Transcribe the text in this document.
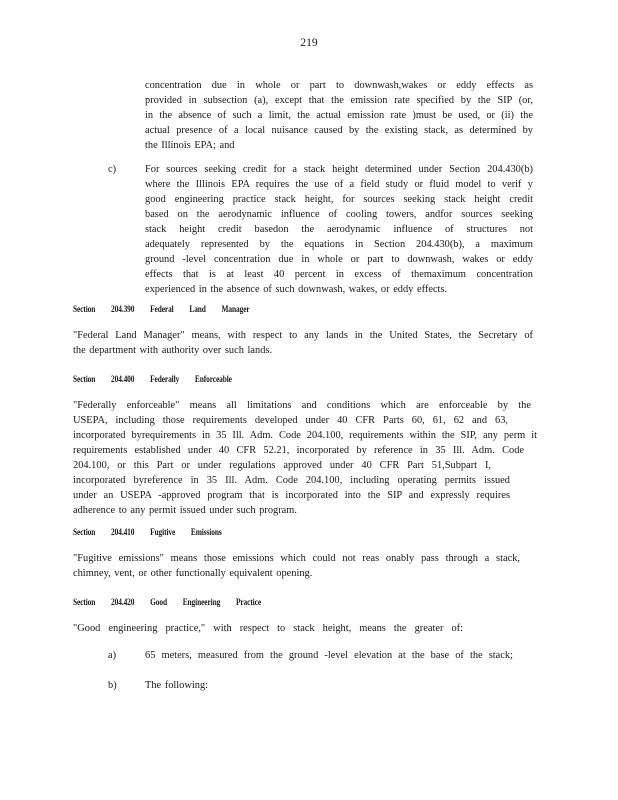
219
concentration due in whole or part to downwash,wakes or eddy effects as
provided in subsection (a), except that the emission rate specified by the SIP (or,
in the absence of such a limit, the actual emission rate )must be used, or (ii) the
actual presence of a local nuisance caused by the existing stack, as determined by
the Illinois EPA; and
c)	For sources seeking credit for a stack height determined under Section 204.430(b)
where the Illinois EPA requires the use of a field study or fluid model to verif y
good engineering practice stack height, for sources seeking stack height credit
based on the aerodynamic influence of cooling towers, andfor sources seeking
stack height credit basedon the aerodynamic influence of structures not
adequately represented by the equations in Section 204.430(b), a maximum
ground -level concentration due in whole or part to downwash, wakes or eddy
effects that is at least 40 percent in excess of themaximum concentration
experienced in the absence of such downwash, wakes, or eddy effects.
Section 204.390 Federal Land Manager
"Federal Land Manager" means, with respect to any lands in the United States, the Secretary of
the department with authority over such lands.
Section 204.400 Federally Enforceable
"Federally enforceable" means all limitations and conditions which are enforceable by the
USEPA, including those requirements developed under 40 CFR Parts 60, 61, 62 and 63,
incorporated byrequirements in 35 Ill. Adm. Code 204.100, requirements within the SIP, any perm it
requirements established under 40 CFR 52.21, incorporated by reference in 35 Ill. Adm. Code
204.100, or this Part or under regulations approved under 40 CFR Part 51,Subpart I,
incorporated byreference in 35 Ill. Adm. Code 204.100, including operating permits issued
under an USEPA -approved program that is incorporated into the SIP and expressly requires
adherence to any permit issued under such program.
Section 204.410 Fugitive Emissions
"Fugitive emissions" means those emissions which could not reas onably pass through a stack,
chimney, vent, or other functionally equivalent opening.
Section 204.420 Good Engineering Practice
"Good engineering practice," with respect to stack height, means the greater of:
a)	65 meters, measured from the ground -level elevation at the base of the stack;
b)	The following:
